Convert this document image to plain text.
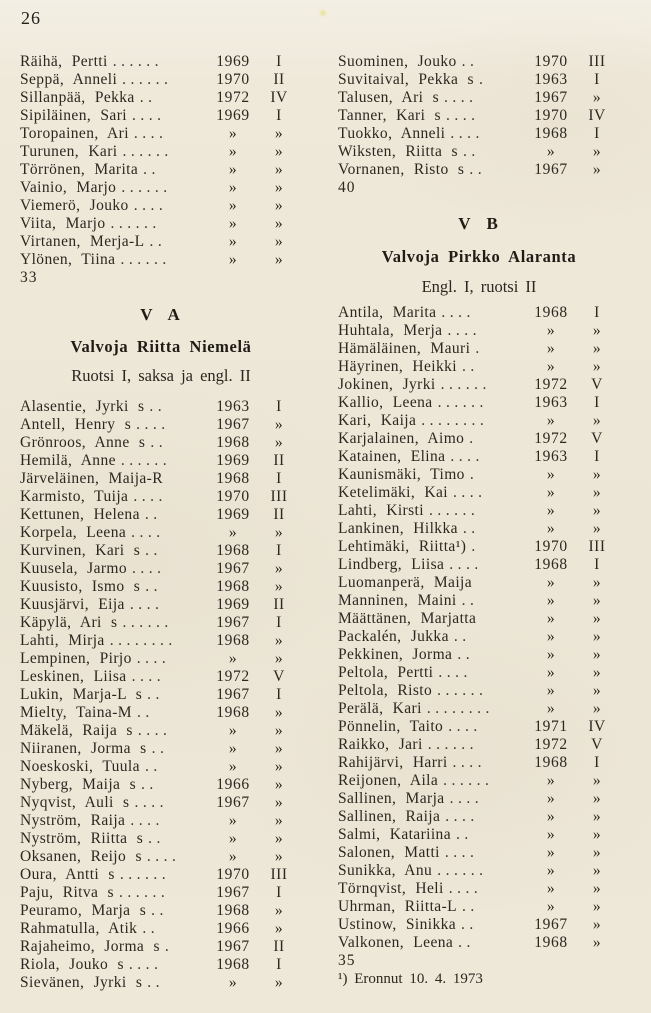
26
Räihä, Pertti ......	1969	I
Seppä, Anneli ......	1970	II
Sillanpää, Pekka ..	1972	IV
Sipiläinen, Sari ....	1969	I
Toropainen, Ari ....	»	»
Turunen, Kari ......	»	»
Törrönen, Marita ..	»	»
Vainio, Marjo ......	»	»
Viemerö, Jouko ....	»	»
Viita, Marjo ......	»	»
Virtanen, Merja-L ..	»	»
Ylönen, Tiina ......	»	»
33
V A
Valvoja Riitta Niemelä
Ruotsi I, saksa ja engl. II
Alasentie, Jyrki s ..	1963	I
Antell, Henry s ....	1967	»
Grönroos, Anne s ..	1968	»
Hemilä, Anne ......	1969	II
Järveläinen, Maija-R	1968	I
Karmisto, Tuija ....	1970	III
Kettunen, Helena ..	1969	II
Korpela, Leena ....	»	»
Kurvinen, Kari s ..	1968	I
Kuusela, Jarmo ....	1967	»
Kuusisto, Ismo s ..	1968	»
Kuusjärvi, Eija ....	1969	II
Käpylä, Ari s ......	1967	I
Lahti, Mirja ........	1968	»
Lempinen, Pirjo ....	»	»
Leskinen, Liisa ....	1972	V
Lukin, Marja-L s ..	1967	I
Mielty, Taina-M ..	1968	»
Mäkelä, Raija s ....	»	»
Niiranen, Jorma s ..	»	»
Noeskoski, Tuula ..	»	»
Nyberg, Maija s ..	1966	»
Nyqvist, Auli s ....	1967	»
Nyström, Raija ....	»	»
Nyström, Riitta s ..	»	»
Oksanen, Reijo s ....	»	»
Oura, Antti s ......	1970	III
Paju, Ritva s ......	1967	I
Peuramo, Marja s ..	1968	»
Rahmatulla, Atik ..	1966	»
Rajaheimo, Jorma s .	1967	II
Riola, Jouko s ....	1968	I
Sievänen, Jyrki s ..	»	»
Suominen, Jouko ..	1970	III
Suvitaival, Pekka s .	1963	I
Talusen, Ari s ....	1967	»
Tanner, Kari s ....	1970	IV
Tuokko, Anneli ....	1968	I
Wiksten, Riitta s ..	»	»
Vornanen, Risto s ..	1967	»
40
V B
Valvoja Pirkko Alaranta
Engl. I, ruotsi II
Antila, Marita ....	1968	I
Huhtala, Merja ....	»	»
Hämäläinen, Mauri .	»	»
Häyrinen, Heikki ..	»	»
Jokinen, Jyrki ......	1972	V
Kallio, Leena ......	1963	I
Kari, Kaija ........	»	»
Karjalainen, Aimo .	1972	V
Katainen, Elina ....	1963	I
Kaunismäki, Timo .	»	»
Ketelimäki, Kai ....	»	»
Lahti, Kirsti ......	»	»
Lankinen, Hilkka ..	»	»
Lehtimäki, Riitta¹) .	1970	III
Lindberg, Liisa ....	1968	I
Luomanperä, Maija	»	»
Manninen, Maini ..	»	»
Määttänen, Marjatta	»	»
Packalén, Jukka ..	»	»
Pekkinen, Jorma ..	»	»
Peltola, Pertti ....	»	»
Peltola, Risto ......	»	»
Perälä, Kari ........	»	»
Pönnelin, Taito ....	1971	IV
Raikko, Jari ......	1972	V
Rahijärvi, Harri ....	1968	I
Reijonen, Aila ......	»	»
Sallinen, Marja ....	»	»
Sallinen, Raija ....	»	»
Salmi, Katariina ..	»	»
Salonen, Matti ....	»	»
Sunikka, Anu ......	»	»
Törnqvist, Heli ....	»	»
Uhrman, Riitta-L ..	»	»
Ustinow, Sinikka ..	1967	»
Valkonen, Leena ..	1968	»
35
¹) Eronnut 10. 4. 1973
